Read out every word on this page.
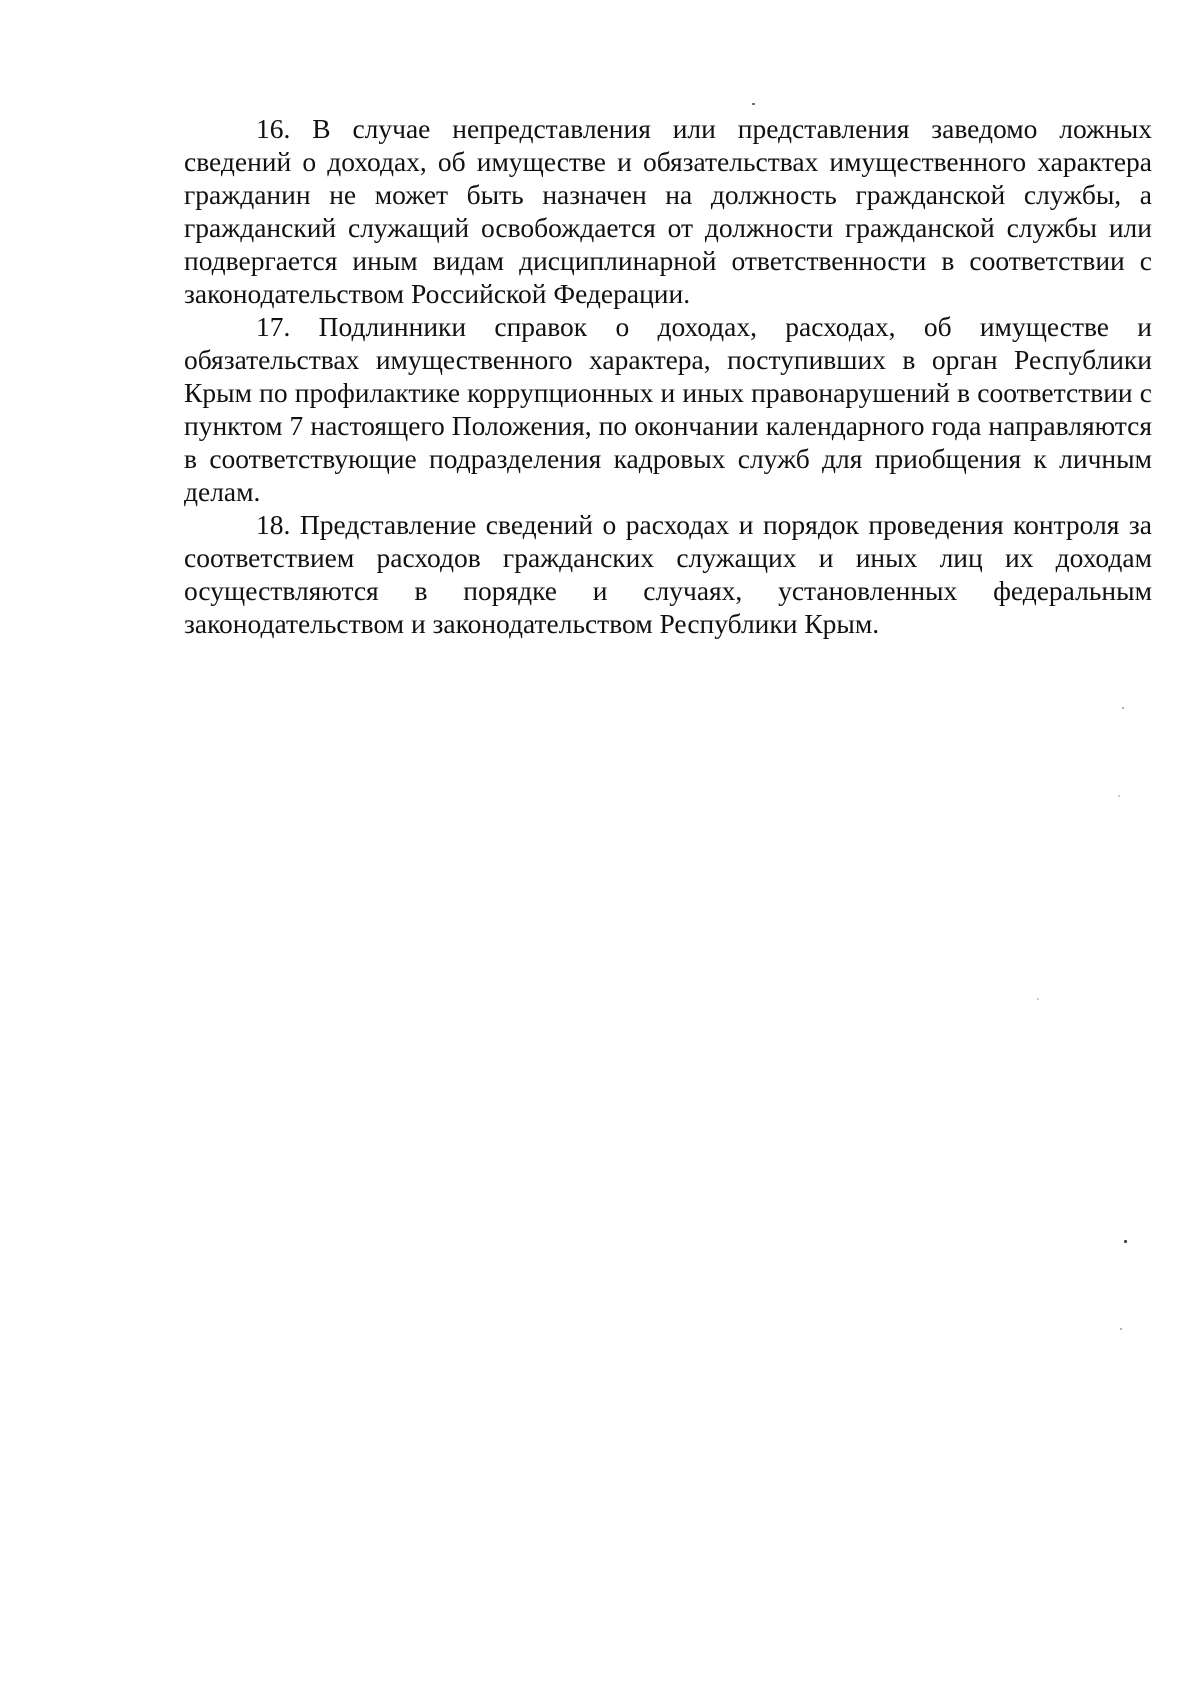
16. В случае непредставления или представления заведомо ложных сведений о доходах, об имуществе и обязательствах имущественного характера гражданин не может быть назначен на должность гражданской службы, а гражданский служащий освобождается от должности гражданской службы или подвергается иным видам дисциплинарной ответственности в соответствии с законодательством Российской Федерации.

17. Подлинники справок о доходах, расходах, об имуществе и обязательствах имущественного характера, поступивших в орган Республики Крым по профилактике коррупционных и иных правонарушений в соответствии с пунктом 7 настоящего Положения, по окончании календарного года направляются в соответствующие подразделения кадровых служб для приобщения к личным делам.

18. Представление сведений о расходах и порядок проведения контроля за соответствием расходов гражданских служащих и иных лиц их доходам осуществляются в порядке и случаях, установленных федеральным законодательством и законодательством Республики Крым.
